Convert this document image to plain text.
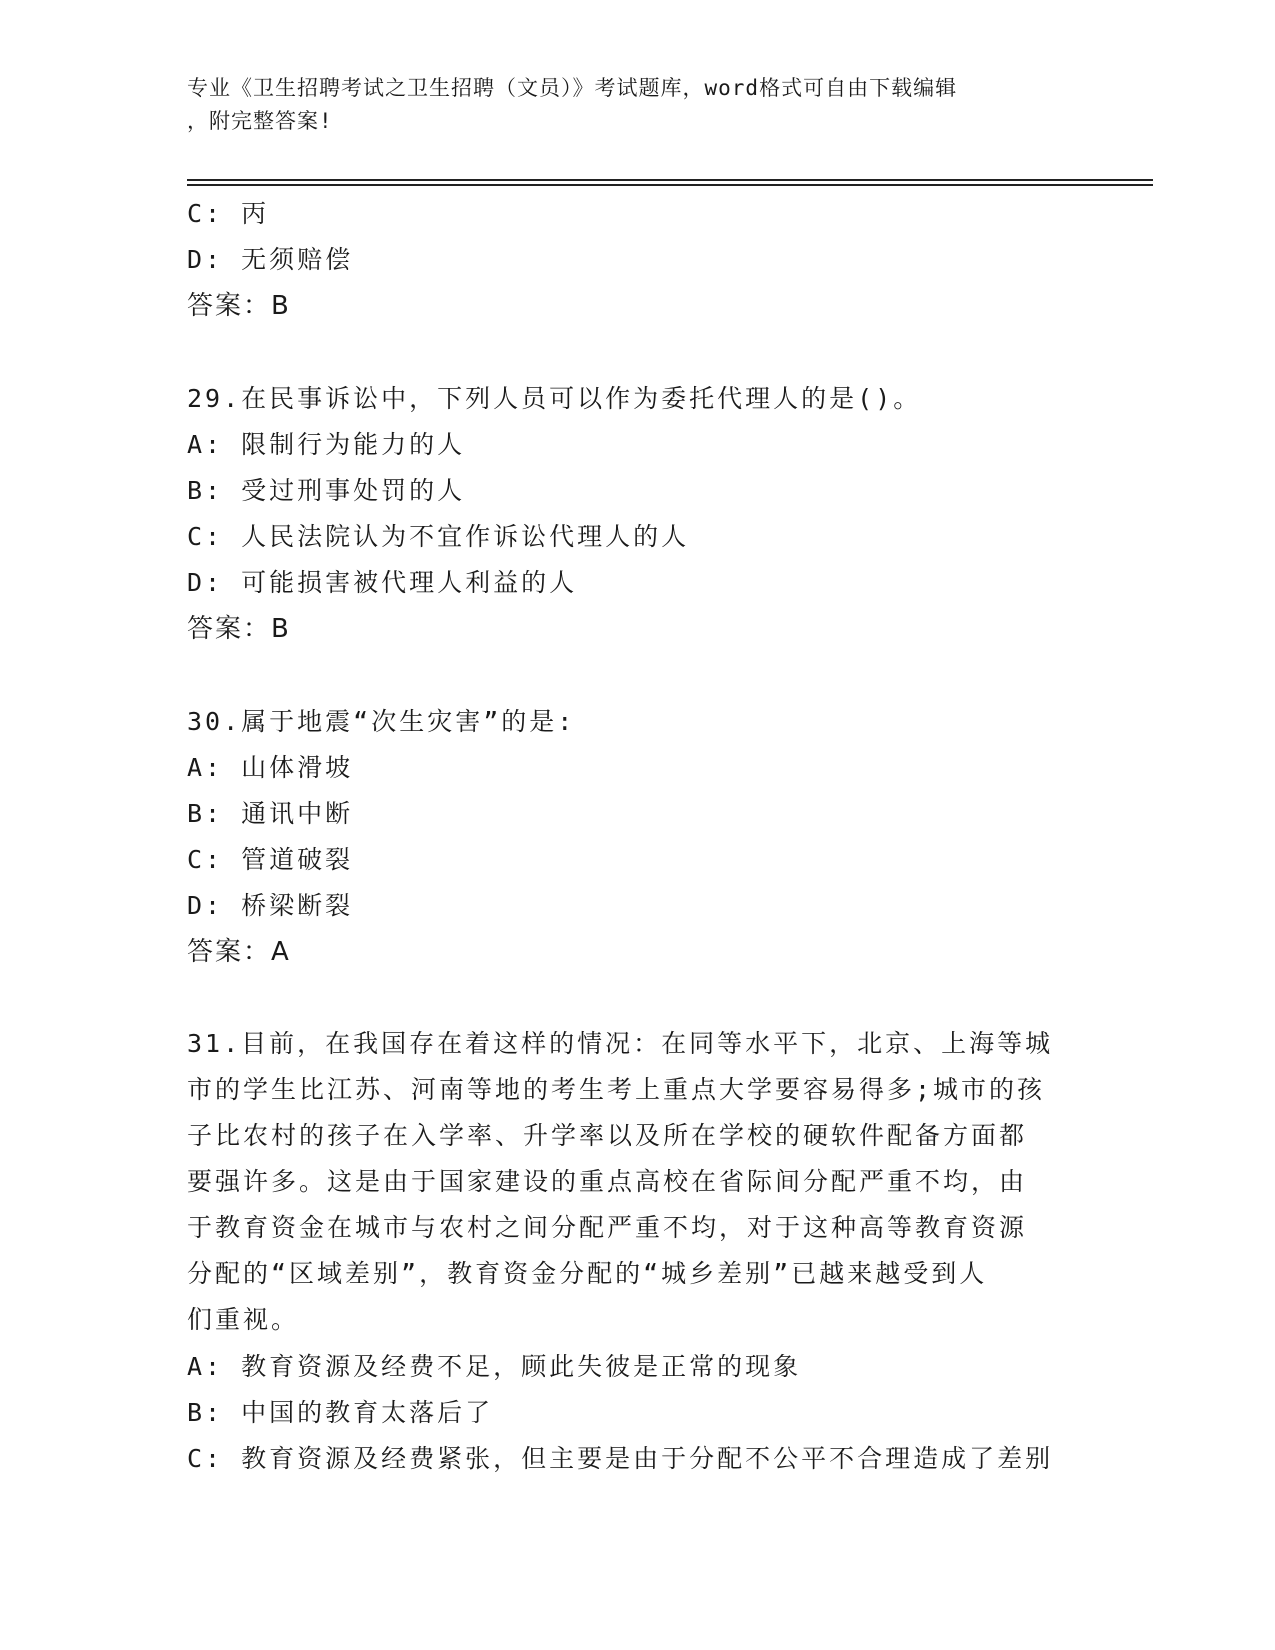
专业《卫生招聘考试之卫生招聘（文员）》考试题库，word格式可自由下载编辑
，附完整答案!
C: 丙
D: 无须赔偿
答案：B
29.在民事诉讼中，下列人员可以作为委托代理人的是()。
A: 限制行为能力的人
B: 受过刑事处罚的人
C: 人民法院认为不宜作诉讼代理人的人
D: 可能损害被代理人利益的人
答案：B
30.属于地震“次生灾害”的是:
A: 山体滑坡
B: 通讯中断
C: 管道破裂
D: 桥梁断裂
答案：A
31.目前，在我国存在着这样的情况：在同等水平下，北京、上海等城
市的学生比江苏、河南等地的考生考上重点大学要容易得多;城市的孩
子比农村的孩子在入学率、升学率以及所在学校的硬软件配备方面都
要强许多。这是由于国家建设的重点高校在省际间分配严重不均，由
于教育资金在城市与农村之间分配严重不均，对于这种高等教育资源
分配的“区域差别”，教育资金分配的“城乡差别”已越来越受到人
们重视。
A: 教育资源及经费不足，顾此失彼是正常的现象
B: 中国的教育太落后了
C: 教育资源及经费紧张，但主要是由于分配不公平不合理造成了差别
